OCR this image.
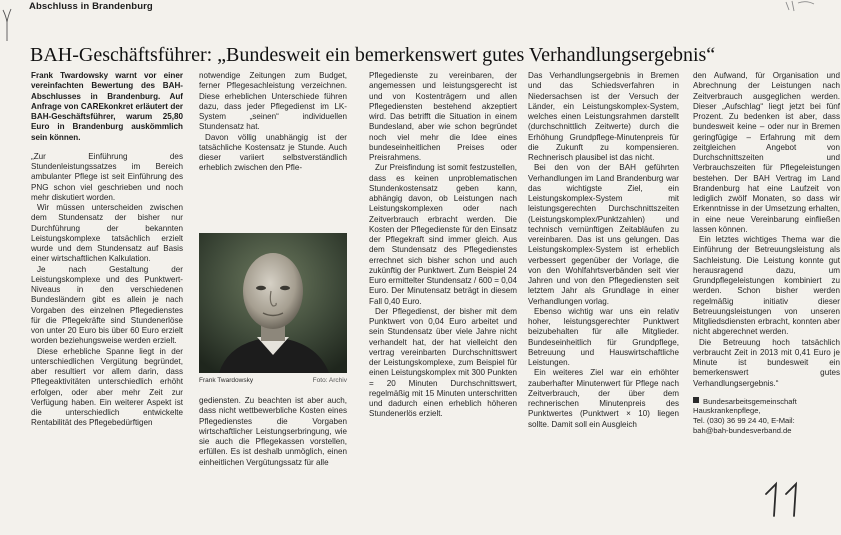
Abschluss in Brandenburg
BAH-Geschäftsführer: „Bundesweit ein bemerkenswert gutes Verhandlungsergebnis“

Frank Twardowsky warnt vor einer vereinfachten Bewertung des BAH-Abschlusses in Brandenburg. Auf Anfrage von CAREkonkret erläutert der BAH-Geschäftsführer, warum 25,80 Euro in Brandenburg auskömmlich sein können.

„Zur Einführung des Stundenleistungssatzes im Bereich ambulanter Pflege ist seit Einführung des PNG schon viel geschrieben und noch mehr diskutiert worden.

Wir müssen unterscheiden zwischen dem Stundensatz der bisher nur Durchführung der bekannten Leistungskomplexe tatsächlich erzielt wurde und dem Stundensatz auf Basis einer wirtschaftlichen Kalkulation.

Je nach Gestaltung der Leistungskomplexe und des Punktwert-Niveaus in den verschiedenen Bundesländern gibt es allein je nach Vorgaben des einzelnen Pflegedienstes für die Pflegekräfte sind Stundenerlöse von unter 20 Euro bis über 60 Euro erzielt worden beziehungsweise werden erzielt.

Diese erhebliche Spanne liegt in der unterschiedlichen Vergütung begründet, aber resultiert vor allem darin, dass Pflegeaktivitäten unterschiedlich erhöht erfolgen, oder aber mehr Zeit zur Verfügung haben. Ein weiterer Aspekt ist die unterschiedlich entwickelte Rentabilität des Pflegebedürftigen

notwendige Zeitungen zum Budget, ferner Pflegesachleistung verzeichnen. Diese erheblichen Unterschiede führen dazu, dass jeder Pflegedienst im LK-System „seinen“ individuellen Stundensatz hat.

Davon völlig unabhängig ist der tatsächliche Kostensatz je Stunde. Auch dieser variiert selbstverständlich erheblich zwischen den Pfle-

Frank Twardowsky	Foto: Archiv

gediensten. Zu beachten ist aber auch, dass nicht wettbewerbliche Kosten eines Pflegedienstes die Vorgaben wirtschaftlicher Leistungserbringung, wie sie auch die Pflegekassen vorstellen, erfüllen. Es ist deshalb unmöglich, einen einheitlichen Vergütungssatz für alle

Pflegedienste zu vereinbaren, der angemessen und leistungsgerecht ist und von Kostenträgern und allen Pflegediensten bestehend akzeptiert wird. Das betrifft die Situation in einem Bundesland, aber wie schon begründet noch viel mehr die Idee eines bundeseinheitlichen Preises oder Preisrahmens.

Zur Preisfindung ist somit festzustellen, dass es keinen unproblematischen Stundenkostensatz geben kann, abhängig davon, ob Leistungen nach Leistungskomplexen oder nach Zeitverbrauch erbracht werden. Die Kosten der Pflegedienste für den Einsatz der Pflegekraft sind immer gleich. Aus dem Stundensatz des Pflegedienstes errechnet sich bisher schon und auch zukünftig der Punktwert. Zum Beispiel 24 Euro ermittelter Stundensatz / 600 = 0,04 Euro. Der Minutensatz beträgt in diesem Fall 0,40 Euro.

Der Pflegedienst, der bisher mit dem Punktwert von 0,04 Euro arbeitet und sein Stundensatz über viele Jahre nicht verhandelt hat, der hat vielleicht den vertrag vereinbarten Durchschnittswert der Leistungskomplexe, zum Beispiel für einen Leistungskomplex mit 300 Punkten = 20 Minuten Durchschnittswert, regelmäßig mit 15 Minuten unterschritten und dadurch einen erheblich höheren Stundenerlös erzielt.

Das Verhandlungsergebnis in Bremen und das Schiedsverfahren in Niedersachsen ist der Versuch der Länder, ein Leistungskomplex-System, welches einen Leistungsrahmen darstellt (durchschnittlich Zeitwerte) durch die Erhöhung Grundpflege-Minutenpreis für die Zukunft zu kompensieren. Rechnerisch plausibel ist das nicht.

Bei den von der BAH geführten Verhandlungen im Land Brandenburg war das wichtigste Ziel, ein Leistungskomplex-System mit leistungsgerechten Durchschnittszeiten (Leistungskomplex/Punktzahlen) und technisch vernünftigen Zeitabläufen zu vereinbaren. Das ist uns gelungen. Das Leistungskomplex-System ist erheblich verbessert gegenüber der Vorlage, die von den Wohlfahrtsverbänden seit vier Jahren und von den Pflegediensten seit letztem Jahr als Grundlage in einer Verhandlungen vorlag.

Ebenso wichtig war uns ein relativ hoher, leistungsgerechter Punktwert beizubehalten für alle Mitglieder. Bundeseinheitlich für Grundpflege, Betreuung und Hauswirtschaftliche Leistungen.

Ein weiteres Ziel war ein erhöhter zauberhafter Minutenwert für Pflege nach Zeitverbrauch, der über dem rechnerischen Minutenpreis des Punktwertes (Punktwert × 10) liegen sollte. Damit soll ein Ausgleich

den Aufwand, für Organisation und Abrechnung der Leistungen nach Zeitverbrauch ausgeglichen werden. Dieser „Aufschlag“ liegt jetzt bei fünf Prozent. Zu bedenken ist aber, dass bundesweit keine – oder nur in Bremen geringfügige – Erfahrung mit dem zeitgleichen Angebot von Durchschnittszeiten und Verbrauchszeiten für Pflegeleistungen bestehen. Der BAH Vertrag im Land Brandenburg hat eine Laufzeit von lediglich zwölf Monaten, so dass wir Erkenntnisse in der Umsetzung erhalten, in eine neue Vereinbarung einfließen lassen können.

Ein letztes wichtiges Thema war die Einführung der Betreuungsleistung als Sachleistung. Die Leistung konnte gut herausragend dazu, um Grundpflegeleistungen kombiniert zu werden. Schon bisher werden regelmäßig initiativ dieser Betreuungsleistungen von unseren Mitgliedsdiensten erbracht, konnten aber nicht abgerechnet werden.

Die Betreuung hoch tatsächlich verbraucht Zeit in 2013 mit 0,41 Euro je Minute ist bundesweit ein bemerkenswert gutes Verhandlungsergebnis.“

Bundesarbeitsgemeinschaft Hauskrankenpflege,
Tel. (030) 36 99 24 40, E-Mail:
bah@bah-bundesverband.de
